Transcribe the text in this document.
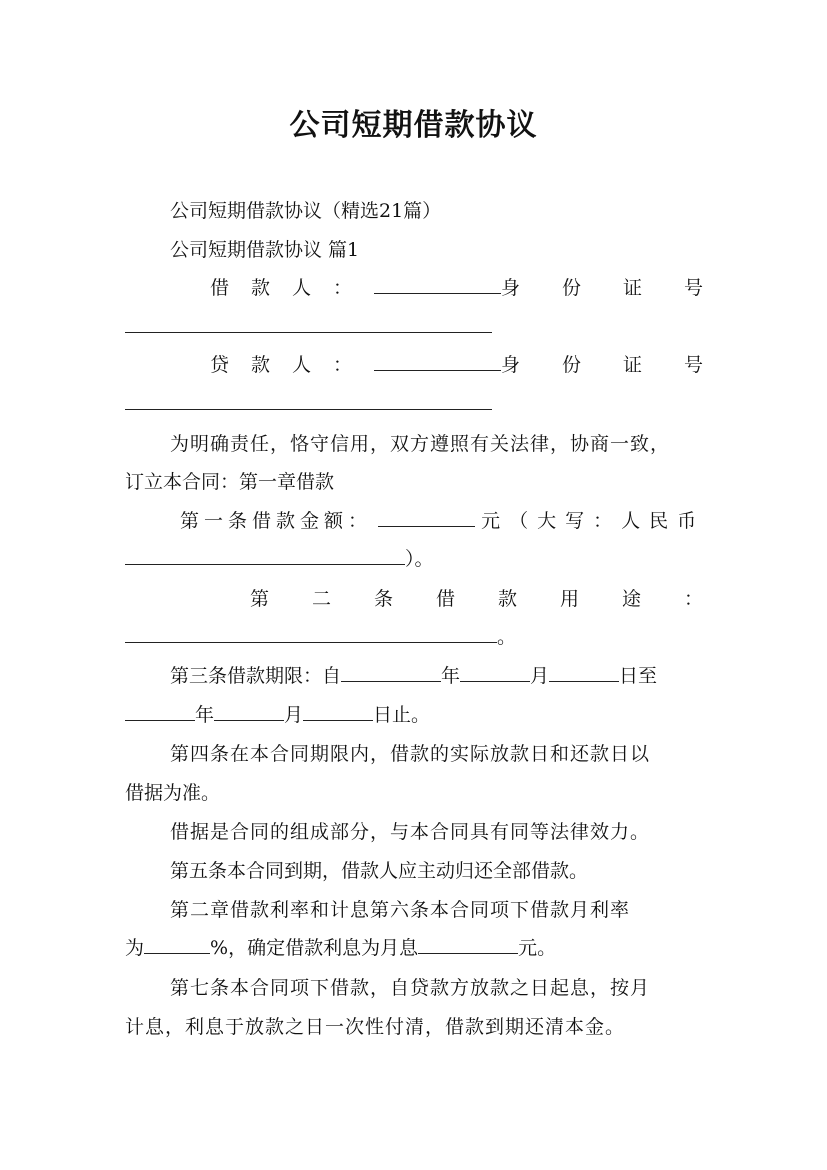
公司短期借款协议
公司短期借款协议（精选21篇）
公司短期借款协议 篇1
借款人：	身份证号
贷款人：	身份证号
为明确责任，恪守信用，双方遵照有关法律，协商一致，
订立本合同：第一章借款
第一条借款金额：	元（大写：人民币
）。
第二条借款用途：
。
第三条借款期限：自	年	月	日至
年	月	日止。
第四条在本合同期限内，借款的实际放款日和还款日以
借据为准。
借据是合同的组成部分，与本合同具有同等法律效力。
第五条本合同到期，借款人应主动归还全部借款。
第二章借款利率和计息第六条本合同项下借款月利率
为	%，确定借款利息为月息	元。
第七条本合同项下借款，自贷款方放款之日起息，按月
计息，利息于放款之日一次性付清，借款到期还清本金。
